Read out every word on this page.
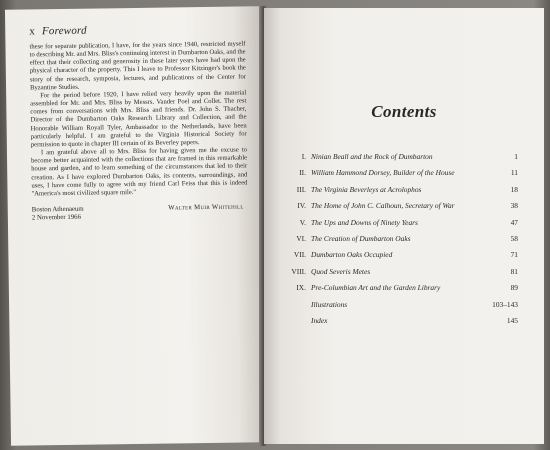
x Foreword

these for separate publication, I have, for the years since 1940, restricted myself to describing Mr. and Mrs. Bliss's continuing interest in Dumbarton Oaks, and the effect that their collecting and generosity in these later years have had upon the physical character of the property. This I leave to Professor Kitzinger's book the story of the research, symposia, lectures, and publications of the Center for Byzantine Studies.

For the period before 1920, I have relied very heavily upon the material assembled for Mr. and Mrs. Bliss by Messrs. Vander Poel and Collet. The rest comes from conversations with Mrs. Bliss and friends. Dr. John S. Thacher, Director of the Dumbarton Oaks Research Library and Collection, and the Honorable William Royall Tyler, Ambassador to the Netherlands, have been particularly helpful. I am grateful to the Virginia Historical Society for permission to quote in chapter III certain of its Beverley papers.

I am grateful above all to Mrs. Bliss for having given me the excuse to become better acquainted with the collections that are framed in this remarkable house and garden, and to learn something of the circumstances that led to their creation. As I have explored Dumbarton Oaks, its contents, surroundings, and uses, I have come fully to agree with my friend Carl Feiss that this is indeed "America's most civilized square mile."

Boston Athenaeum
2 November 1966
Walter Muir Whitehill
Contents
I. Ninian Beall and the Rock of Dumbarton	1
II. William Hammond Dorsey, Builder of the House	11
III. The Virginia Beverleys at Acrolophos	18
IV. The Home of John C. Calhoun, Secretary of War	38
V. The Ups and Downs of Ninety Years	47
VI. The Creation of Dumbarton Oaks	58
VII. Dumbarton Oaks Occupied	71
VIII. Quod Severis Metes	81
IX. Pre-Columbian Art and the Garden Library	89
Illustrations	103–143
Index	145
